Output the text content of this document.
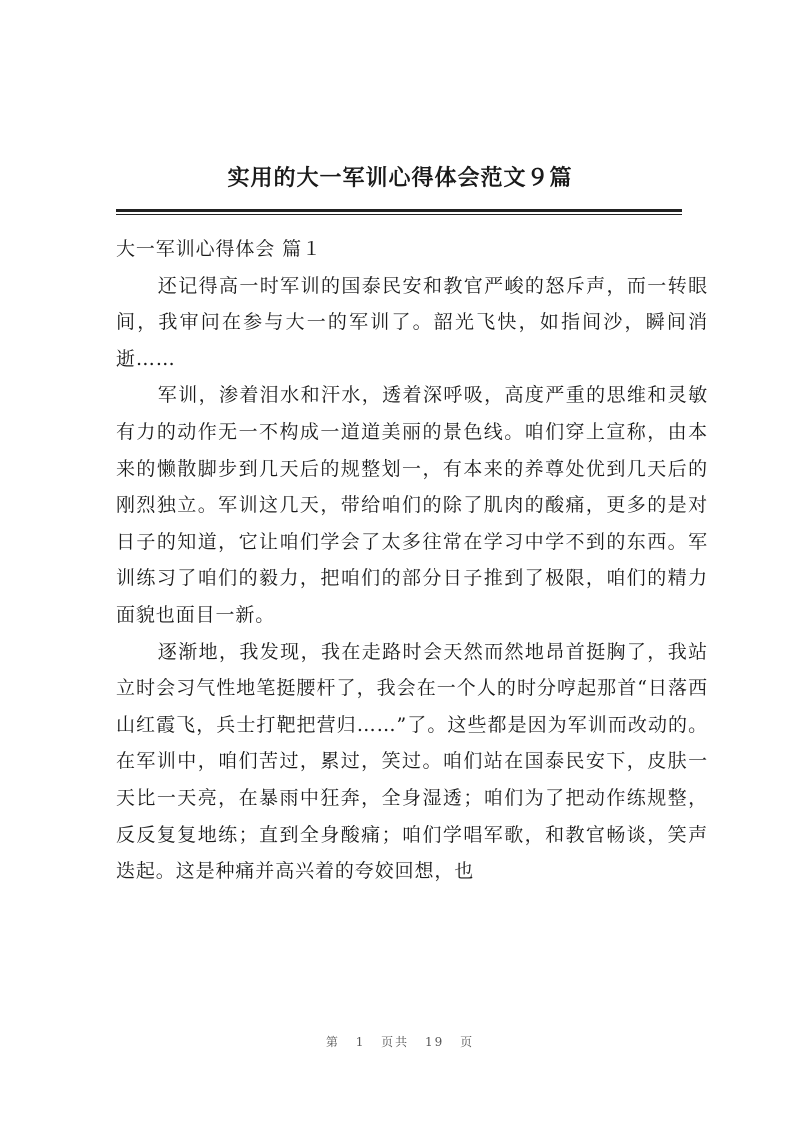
实用的大一军训心得体会范文９篇

大一军训心得体会 篇１

还记得高一时军训的国泰民安和教官严峻的怒斥声，而一转眼间，我审问在参与大一的军训了。韶光飞快，如指间沙，瞬间消逝……

军训，渗着泪水和汗水，透着深呼吸，高度严重的思维和灵敏有力的动作无一不构成一道道美丽的景色线。咱们穿上宣称，由本来的懒散脚步到几天后的规整划一，有本来的养尊处优到几天后的刚烈独立。军训这几天，带给咱们的除了肌肉的酸痛，更多的是对日子的知道，它让咱们学会了太多往常在学习中学不到的东西。军训练习了咱们的毅力，把咱们的部分日子推到了极限，咱们的精力面貌也面目一新。

逐渐地，我发现，我在走路时会天然而然地昂首挺胸了，我站立时会习气性地笔挺腰杆了，我会在一个人的时分哼起那首“日落西山红霞飞，兵士打靶把营归……”了。这些都是因为军训而改动的。在军训中，咱们苦过，累过，笑过。咱们站在国泰民安下，皮肤一天比一天亮，在暴雨中狂奔，全身湿透；咱们为了把动作练规整，反反复复地练；直到全身酸痛；咱们学唱军歌，和教官畅谈，笑声迭起。这是种痛并高兴着的夸姣回想，也

第 1 页共 19 页
